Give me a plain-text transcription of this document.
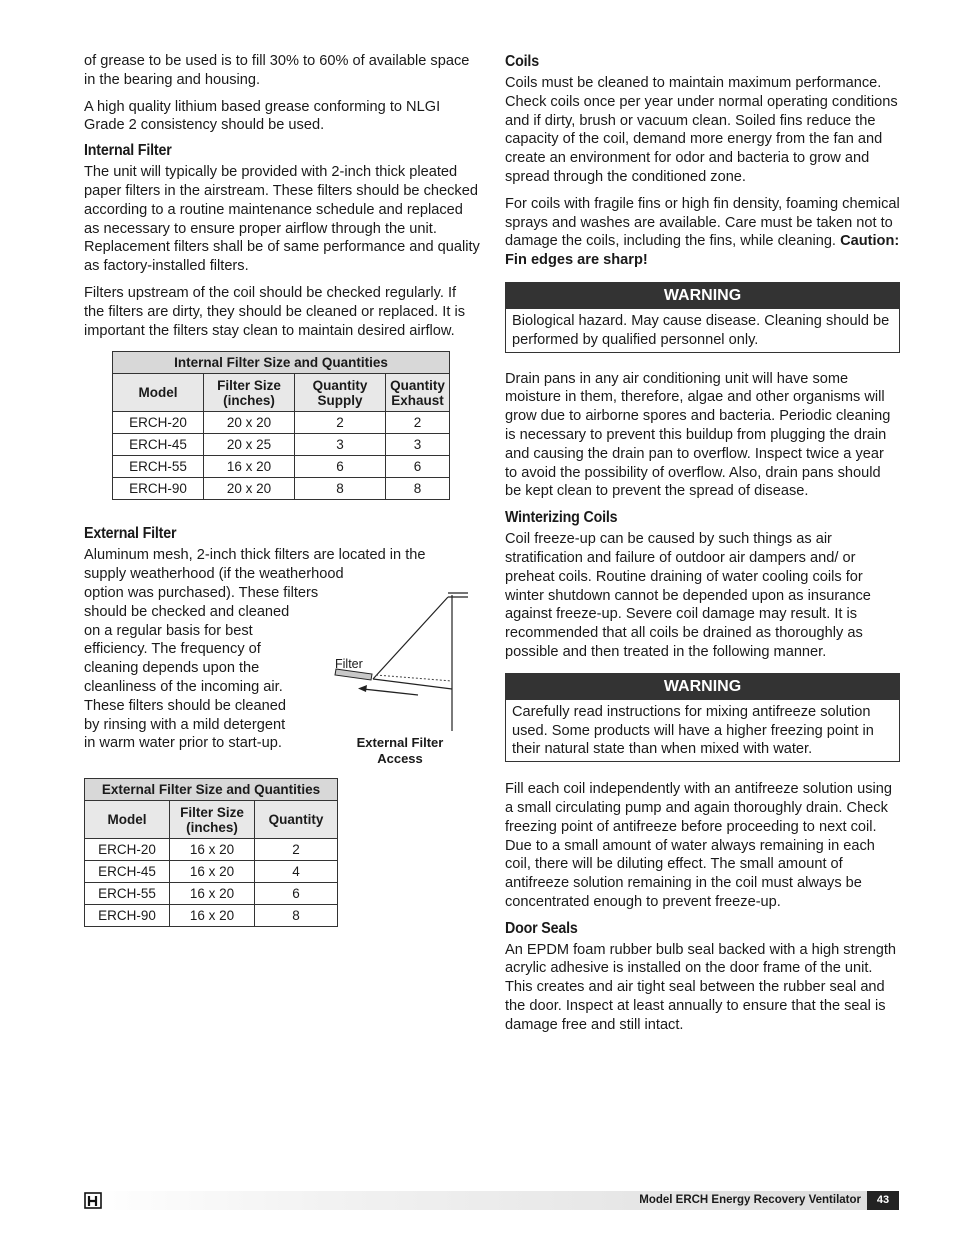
of grease to be used is to fill 30% to 60% of available space in the bearing and housing.

A high quality lithium based grease conforming to NLGI Grade 2 consistency should be used.

Internal Filter

The unit will typically be provided with 2-inch thick pleated paper filters in the airstream. These filters should be checked according to a routine maintenance schedule and replaced as necessary to ensure proper airflow through the unit. Replacement filters shall be of same performance and quality as factory-installed filters.

Filters upstream of the coil should be checked regularly. If the filters are dirty, they should be cleaned or replaced. It is important the filters stay clean to maintain desired airflow.

Internal Filter Size and Quantities			
Model	Filter Size (inches)	Quantity Supply	Quantity Exhaust
ERCH-20	20 x 20	2	2
ERCH-45	20 x 25	3	3
ERCH-55	16 x 20	6	6
ERCH-90	20 x 20	8	8
External Filter

Aluminum mesh, 2-inch thick filters are located in the

supply weatherhood (if the weatherhood

option was purchased). These filters

should be checked and cleaned

on a regular basis for best

efficiency. The frequency of

cleaning depends upon the

cleanliness of the incoming air.

These filters should be cleaned

by rinsing with a mild detergent

in warm water prior to start-up.

Filter
External Filter
Access
External Filter Size and Quantities		
Model	Filter Size (inches)	Quantity
ERCH-20	16 x 20	2
ERCH-45	16 x 20	4
ERCH-55	16 x 20	6
ERCH-90	16 x 20	8
Coils

Coils must be cleaned to maintain maximum performance. Check coils once per year under normal operating conditions and if dirty, brush or vacuum clean. Soiled fins reduce the capacity of the coil, demand more energy from the fan and create an environment for odor and bacteria to grow and spread through the conditioned zone.

For coils with fragile fins or high fin density, foaming chemical sprays and washes are available. Care must be taken not to damage the coils, including the fins, while cleaning. Caution: Fin edges are sharp!

WARNING
Biological hazard. May cause disease. Cleaning should be performed by qualified personnel only.

Drain pans in any air conditioning unit will have some moisture in them, therefore, algae and other organisms will grow due to airborne spores and bacteria. Periodic cleaning is necessary to prevent this buildup from plugging the drain and causing the drain pan to overflow. Inspect twice a year to avoid the possibility of overflow. Also, drain pans should be kept clean to prevent the spread of disease.

Winterizing Coils

Coil freeze-up can be caused by such things as air stratification and failure of outdoor air dampers and/ or preheat coils. Routine draining of water cooling coils for winter shutdown cannot be depended upon as insurance against freeze-up. Severe coil damage may result. It is recommended that all coils be drained as thoroughly as possible and then treated in the following manner.

WARNING
Carefully read instructions for mixing antifreeze solution used. Some products will have a higher freezing point in their natural state than when mixed with water.

Fill each coil independently with an antifreeze solution using a small circulating pump and again thoroughly drain. Check freezing point of antifreeze before proceeding to next coil. Due to a small amount of water always remaining in each coil, there will be diluting effect. The small amount of antifreeze solution remaining in the coil must always be concentrated enough to prevent freeze-up.

Door Seals

An EPDM foam rubber bulb seal backed with a high strength acrylic adhesive is installed on the door frame of the unit. This creates and air tight seal between the rubber seal and the door. Inspect at least annually to ensure that the seal is damage free and still intact.

Model ERCH Energy Recovery Ventilator	43
